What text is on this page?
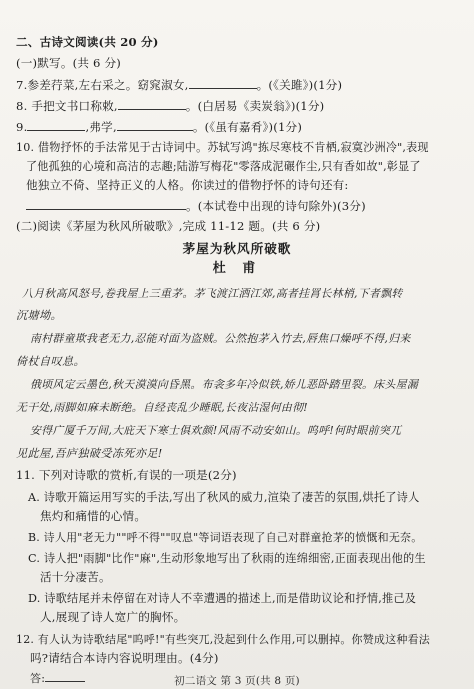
二、古诗文阅读(共 20 分)
(一)默写。(共 6 分)
7.参差荇菜,左右采之。窈窕淑女,	。(《关雎》)(1分)
8. 手把文书口称敕,	。(白居易《卖炭翁》)(1分)
9.	,弗学,	。(《虽有嘉肴》)(1分)
10. 借物抒怀的手法常见于古诗词中。苏轼写鸿"拣尽寒枝不肯栖,寂寞沙洲冷",表现
了他孤独的心境和高洁的志趣;陆游写梅花"零落成泥碾作尘,只有香如故",彰显了
他独立不倚、坚持正义的人格。你读过的借物抒怀的诗句还有:
。(本试卷中出现的诗句除外)(3分)
(二)阅读《茅屋为秋风所破歌》,完成 11-12 题。(共 6 分)
茅屋为秋风所破歌
杜 甫
八月秋高风怒号,卷我屋上三重茅。茅飞渡江洒江郊,高者挂罥长林梢,下者飘转
沉塘坳。
南村群童欺我老无力,忍能对面为盗贼。公然抱茅入竹去,唇焦口燥呼不得,归来
倚杖自叹息。
俄顷风定云墨色,秋天漠漠向昏黑。布衾多年冷似铁,娇儿恶卧踏里裂。床头屋漏
无干处,雨脚如麻未断绝。自经丧乱少睡眠,长夜沾湿何由彻!
安得广厦千万间,大庇天下寒士俱欢颜!风雨不动安如山。呜呼!何时眼前突兀
见此屋,吾庐独破受冻死亦足!
11. 下列对诗歌的赏析,有误的一项是(2分)
A. 诗歌开篇运用写实的手法,写出了秋风的威力,渲染了凄苦的氛围,烘托了诗人
焦灼和痛惜的心情。
B. 诗人用"老无力""呼不得""叹息"等词语表现了自己对群童抢茅的愤慨和无奈。
C. 诗人把"雨脚"比作"麻",生动形象地写出了秋雨的连绵细密,正面表现出他的生
活十分凄苦。
D. 诗歌结尾并未停留在对诗人不幸遭遇的描述上,而是借助议论和抒情,推己及
人,展现了诗人宽广的胸怀。
12. 有人认为诗歌结尾"呜呼!"有些突兀,没起到什么作用,可以删掉。你赞成这种看法
吗?请结合本诗内容说明理由。(4分)
答:	初二语文 第 3 页(共 8 页)
